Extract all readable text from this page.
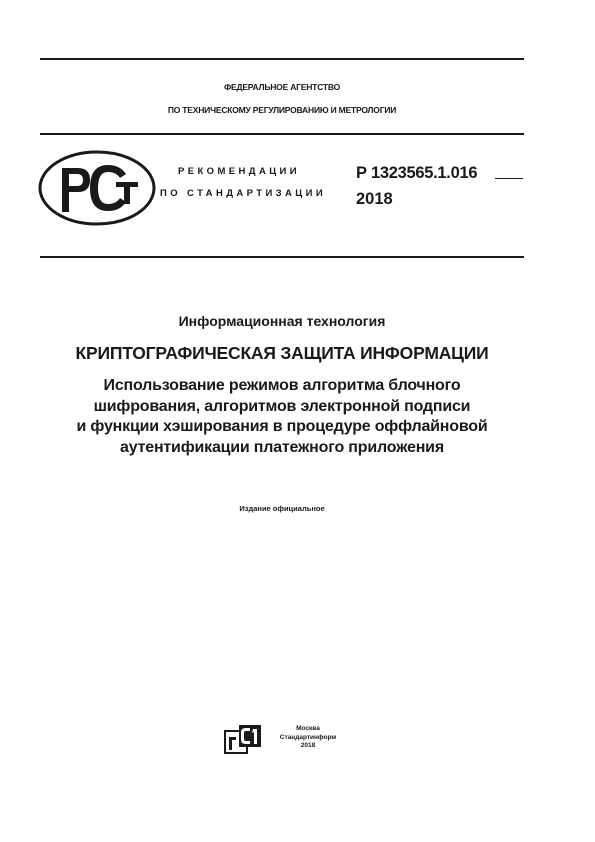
ФЕДЕРАЛЬНОЕ АГЕНТСТВО
ПО ТЕХНИЧЕСКОМУ РЕГУЛИРОВАНИЮ И МЕТРОЛОГИИ
РЕКОМЕНДАЦИИ
ПО СТАНДАРТИЗАЦИИ
Р 1323565.1.016
2018
Информационная технология
КРИПТОГРАФИЧЕСКАЯ ЗАЩИТА ИНФОРМАЦИИ
Использование режимов алгоритма блочного
шифрования, алгоритмов электронной подписи
и функции хэширования в процедуре оффлайновой
аутентификации платежного приложения
Издание официальное
Москва
Стандартинформ
2018
